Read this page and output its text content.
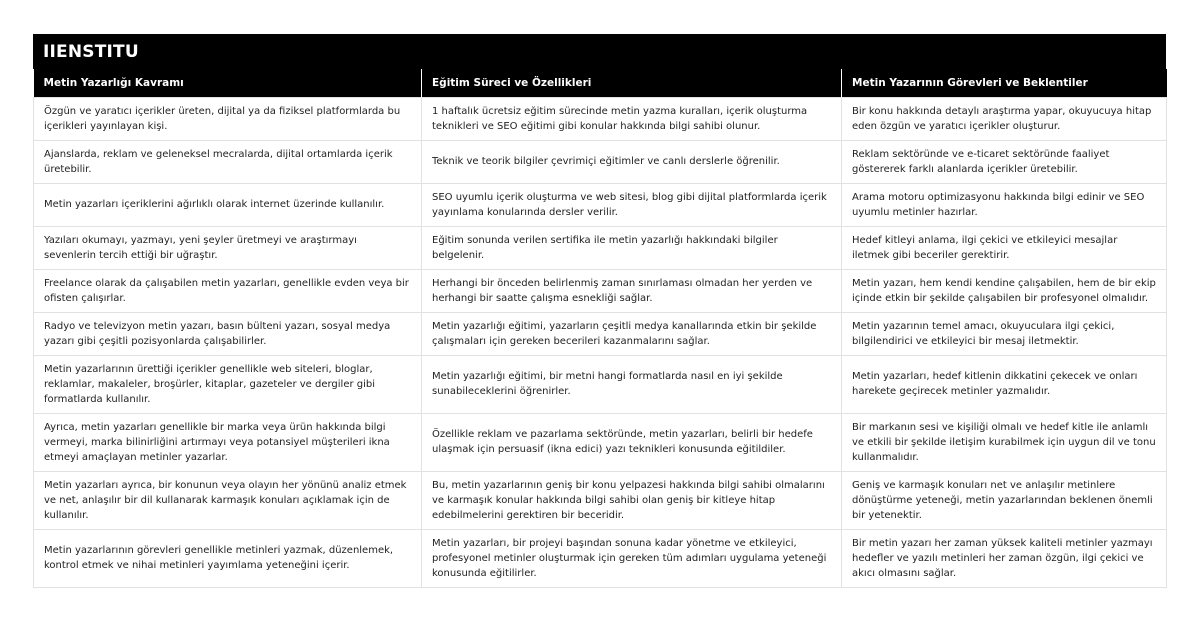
IIENSTITU
Metin Yazarlığı Kavramı	Eğitim Süreci ve Özellikleri	Metin Yazarının Görevleri ve Beklentiler
Özgün ve yaratıcı içerikler üreten, dijital ya da fiziksel platformlarda bu içerikleri yayınlayan kişi.	1 haftalık ücretsiz eğitim sürecinde metin yazma kuralları, içerik oluşturma teknikleri ve SEO eğitimi gibi konular hakkında bilgi sahibi olunur.	Bir konu hakkında detaylı araştırma yapar, okuyucuya hitap eden özgün ve yaratıcı içerikler oluşturur.
Ajanslarda, reklam ve geleneksel mecralarda, dijital ortamlarda içerik üretebilir.	Teknik ve teorik bilgiler çevrimiçi eğitimler ve canlı derslerle öğrenilir.	Reklam sektöründe ve e-ticaret sektöründe faaliyet göstererek farklı alanlarda içerikler üretebilir.
Metin yazarları içeriklerini ağırlıklı olarak internet üzerinde kullanılır.	SEO uyumlu içerik oluşturma ve web sitesi, blog gibi dijital platformlarda içerik yayınlama konularında dersler verilir.	Arama motoru optimizasyonu hakkında bilgi edinir ve SEO uyumlu metinler hazırlar.
Yazıları okumayı, yazmayı, yeni şeyler üretmeyi ve araştırmayı sevenlerin tercih ettiği bir uğraştır.	Eğitim sonunda verilen sertifika ile metin yazarlığı hakkındaki bilgiler belgelenir.	Hedef kitleyi anlama, ilgi çekici ve etkileyici mesajlar iletmek gibi beceriler gerektirir.
Freelance olarak da çalışabilen metin yazarları, genellikle evden veya bir ofisten çalışırlar.	Herhangi bir önceden belirlenmiş zaman sınırlaması olmadan her yerden ve herhangi bir saatte çalışma esnekliği sağlar.	Metin yazarı, hem kendi kendine çalışabilen, hem de bir ekip içinde etkin bir şekilde çalışabilen bir profesyonel olmalıdır.
Radyo ve televizyon metin yazarı, basın bülteni yazarı, sosyal medya yazarı gibi çeşitli pozisyonlarda çalışabilirler.	Metin yazarlığı eğitimi, yazarların çeşitli medya kanallarında etkin bir şekilde çalışmaları için gereken becerileri kazanmalarını sağlar.	Metin yazarının temel amacı, okuyuculara ilgi çekici, bilgilendirici ve etkileyici bir mesaj iletmektir.
Metin yazarlarının ürettiği içerikler genellikle web siteleri, bloglar, reklamlar, makaleler, broşürler, kitaplar, gazeteler ve dergiler gibi formatlarda kullanılır.	Metin yazarlığı eğitimi, bir metni hangi formatlarda nasıl en iyi şekilde sunabileceklerini öğrenirler.	Metin yazarları, hedef kitlenin dikkatini çekecek ve onları harekete geçirecek metinler yazmalıdır.
Ayrıca, metin yazarları genellikle bir marka veya ürün hakkında bilgi vermeyi, marka bilinirliğini artırmayı veya potansiyel müşterileri ikna etmeyi amaçlayan metinler yazarlar.	Özellikle reklam ve pazarlama sektöründe, metin yazarları, belirli bir hedefe ulaşmak için persuasif (ikna edici) yazı teknikleri konusunda eğitildiler.	Bir markanın sesi ve kişiliği olmalı ve hedef kitle ile anlamlı ve etkili bir şekilde iletişim kurabilmek için uygun dil ve tonu kullanmalıdır.
Metin yazarları ayrıca, bir konunun veya olayın her yönünü analiz etmek ve net, anlaşılır bir dil kullanarak karmaşık konuları açıklamak için de kullanılır.	Bu, metin yazarlarının geniş bir konu yelpazesi hakkında bilgi sahibi olmalarını ve karmaşık konular hakkında bilgi sahibi olan geniş bir kitleye hitap edebilmelerini gerektiren bir beceridir.	Geniş ve karmaşık konuları net ve anlaşılır metinlere dönüştürme yeteneği, metin yazarlarından beklenen önemli bir yetenektir.
Metin yazarlarının görevleri genellikle metinleri yazmak, düzenlemek, kontrol etmek ve nihai metinleri yayımlama yeteneğini içerir.	Metin yazarları, bir projeyi başından sonuna kadar yönetme ve etkileyici, profesyonel metinler oluşturmak için gereken tüm adımları uygulama yeteneği konusunda eğitilirler.	Bir metin yazarı her zaman yüksek kaliteli metinler yazmayı hedefler ve yazılı metinleri her zaman özgün, ilgi çekici ve akıcı olmasını sağlar.
